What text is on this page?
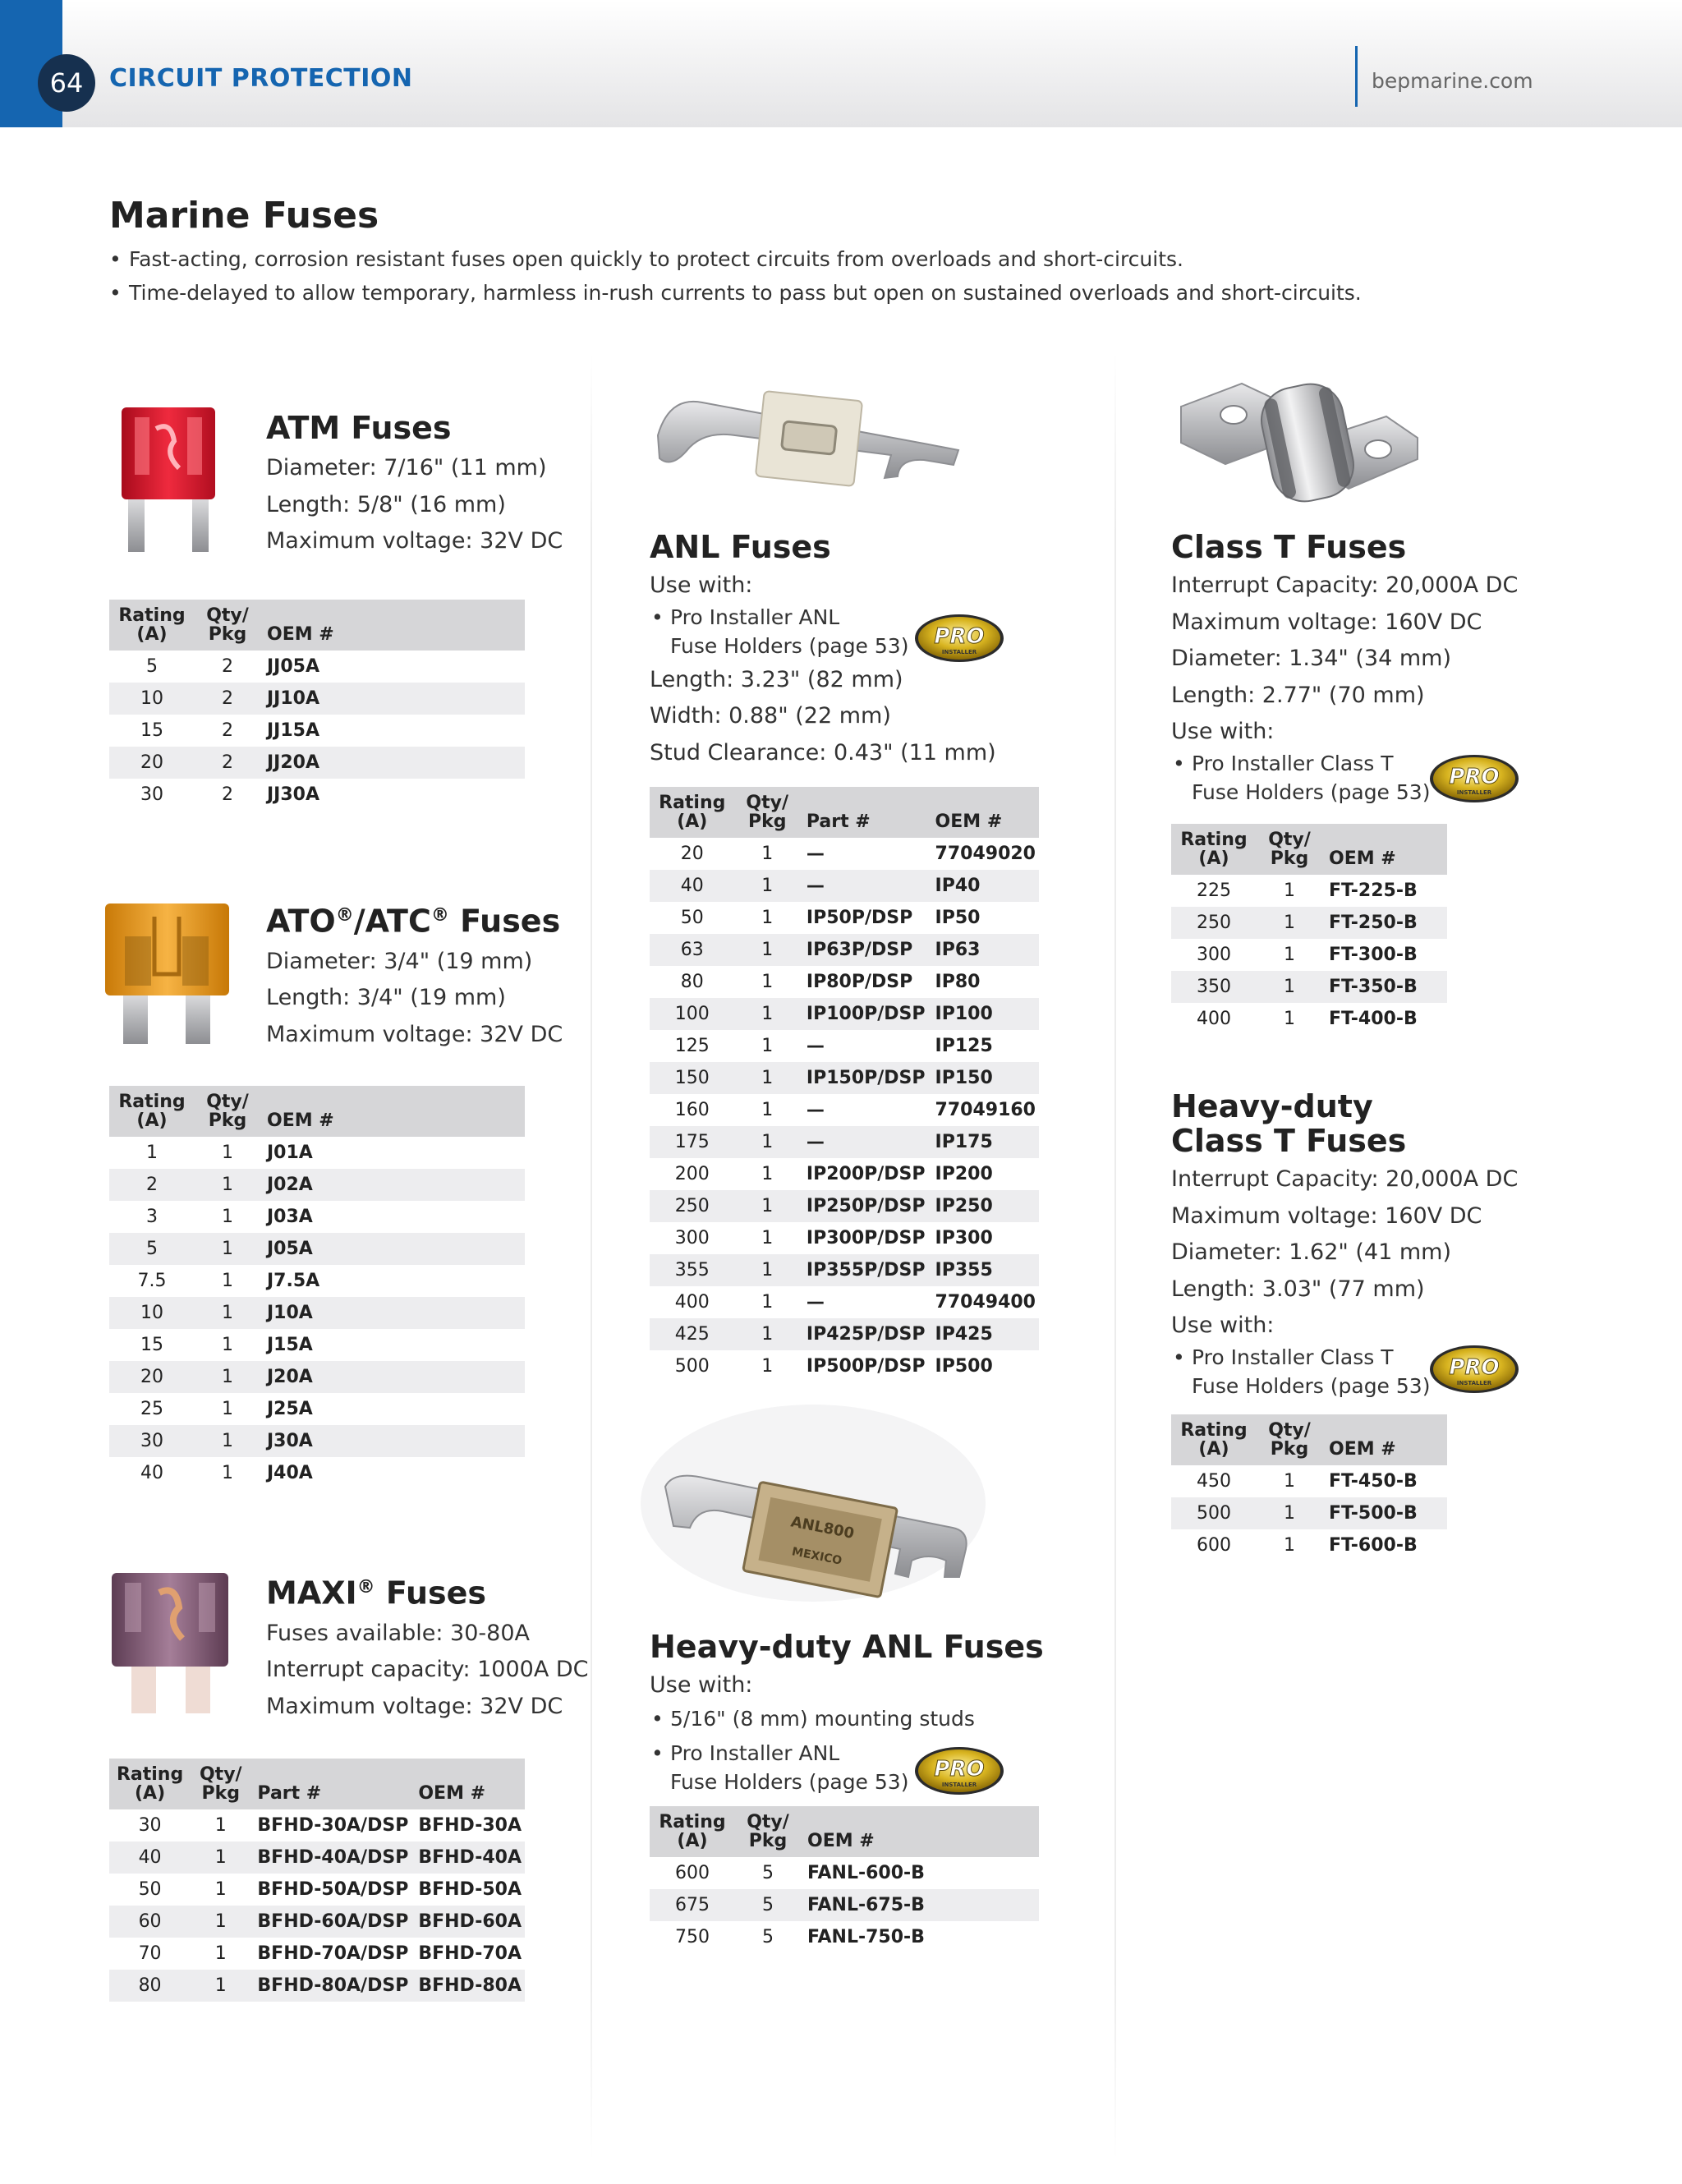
64	CIRCUIT PROTECTION	bepmarine.com
Marine Fuses
• Fast-acting, corrosion resistant fuses open quickly to protect circuits from overloads and short-circuits.
• Time-delayed to allow temporary, harmless in-rush currents to pass but open on sustained overloads and short-circuits.
ATM Fuses
Diameter: 7/16" (11 mm)
Length: 5/8" (16 mm)
Maximum voltage: 32V DC
Rating (A)	Qty/ Pkg	OEM #
5	2	JJ05A
10	2	JJ10A
15	2	JJ15A
20	2	JJ20A
30	2	JJ30A
ATO®/ATC® Fuses
Diameter: 3/4" (19 mm)
Length: 3/4" (19 mm)
Maximum voltage: 32V DC
Rating (A)	Qty/ Pkg	OEM #
1	1	J01A
2	1	J02A
3	1	J03A
5	1	J05A
7.5	1	J7.5A
10	1	J10A
15	1	J15A
20	1	J20A
25	1	J25A
30	1	J30A
40	1	J40A
MAXI® Fuses
Fuses available: 30-80A
Interrupt capacity: 1000A DC
Maximum voltage: 32V DC
Rating (A)	Qty/ Pkg	Part #	OEM #
30	1	BFHD-30A/DSP	BFHD-30A
40	1	BFHD-40A/DSP	BFHD-40A
50	1	BFHD-50A/DSP	BFHD-50A
60	1	BFHD-60A/DSP	BFHD-60A
70	1	BFHD-70A/DSP	BFHD-70A
80	1	BFHD-80A/DSP	BFHD-80A
ANL Fuses
Use with:
• Pro Installer ANL
Fuse Holders (page 53)
Length: 3.23" (82 mm)
Width: 0.88" (22 mm)
Stud Clearance: 0.43" (11 mm)
PRO
INSTALLER
Rating (A)	Qty/ Pkg	Part #	OEM #
20	1	—	77049020
40	1	—	IP40
50	1	IP50P/DSP	IP50
63	1	IP63P/DSP	IP63
80	1	IP80P/DSP	IP80
100	1	IP100P/DSP	IP100
125	1	—	IP125
150	1	IP150P/DSP	IP150
160	1	—	77049160
175	1	—	IP175
200	1	IP200P/DSP	IP200
250	1	IP250P/DSP	IP250
300	1	IP300P/DSP	IP300
355	1	IP355P/DSP	IP355
400	1	—	77049400
425	1	IP425P/DSP	IP425
500	1	IP500P/DSP	IP500
ANL800
MEXICO
Heavy-duty ANL Fuses
Use with:
• 5/16" (8 mm) mounting studs
• Pro Installer ANL
Fuse Holders (page 53)	PRO
INSTALLER
Rating (A)	Qty/ Pkg	OEM #
600	5	FANL-600-B
675	5	FANL-675-B
750	5	FANL-750-B
Class T Fuses
Interrupt Capacity: 20,000A DC
Maximum voltage: 160V DC
Diameter: 1.34" (34 mm)
Length: 2.77" (70 mm)
Use with:
• Pro Installer Class T
Fuse Holders (page 53)
PRO
INSTALLER
Rating (A)	Qty/ Pkg	OEM #
225	1	FT-225-B
250	1	FT-250-B
300	1	FT-300-B
350	1	FT-350-B
400	1	FT-400-B
Heavy-duty
Class T Fuses
Interrupt Capacity: 20,000A DC
Maximum voltage: 160V DC
Diameter: 1.62" (41 mm)
Length: 3.03" (77 mm)
Use with:
• Pro Installer Class T
Fuse Holders (page 53)
PRO
INSTALLER
Rating (A)	Qty/ Pkg	OEM #
450	1	FT-450-B
500	1	FT-500-B
600	1	FT-600-B
